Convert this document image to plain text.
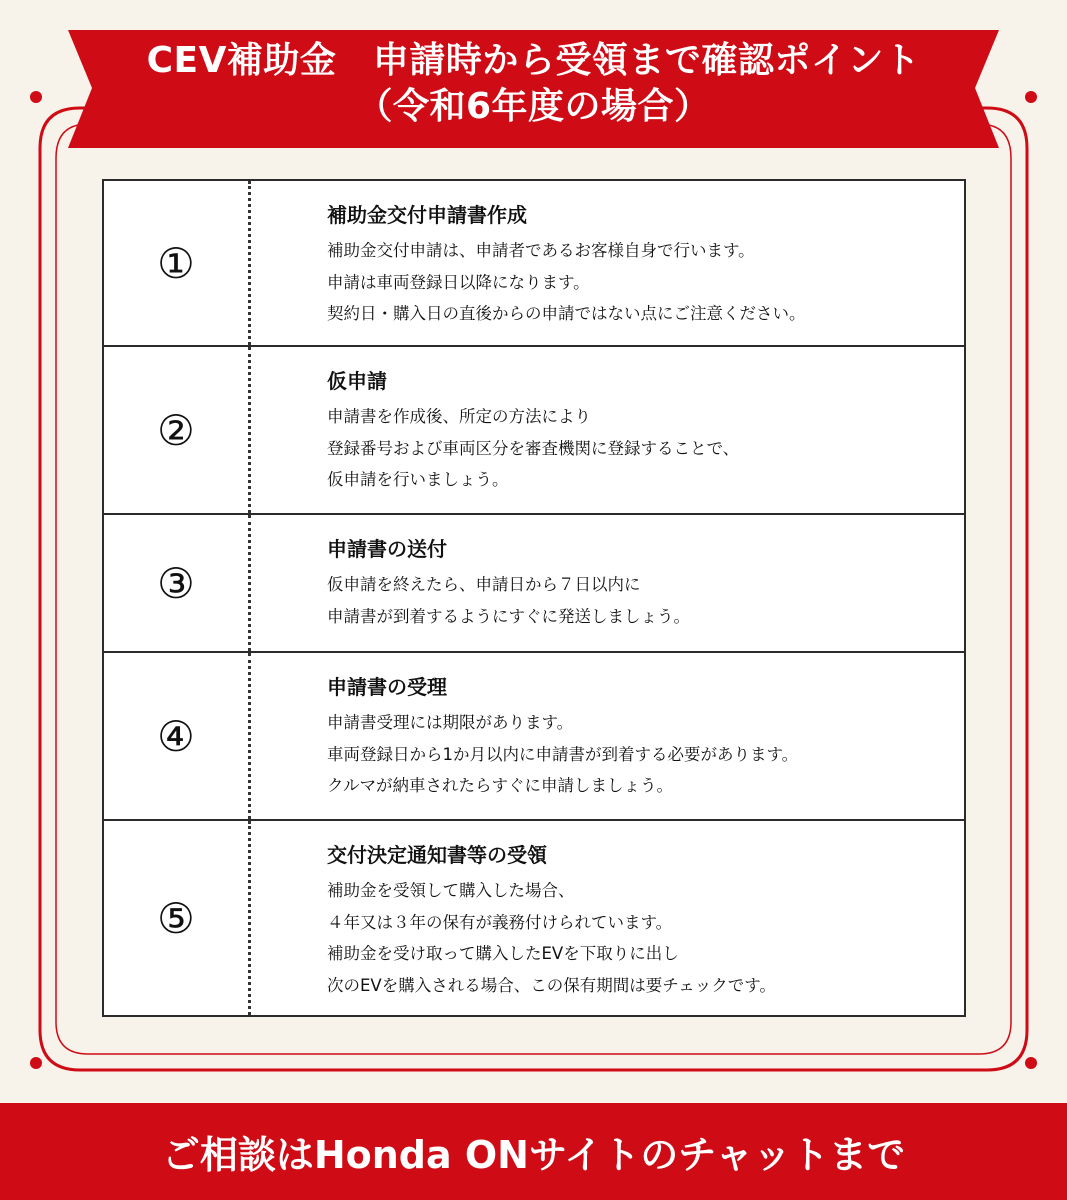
CEV補助金　申請時から受領まで確認ポイント
（令和6年度の場合）
①
補助金交付申請書作成
補助金交付申請は、申請者であるお客様自身で行います。
申請は車両登録日以降になります。
契約日・購入日の直後からの申請ではない点にご注意ください。
②
仮申請
申請書を作成後、所定の方法により
登録番号および車両区分を審査機関に登録することで、
仮申請を行いましょう。
③
申請書の送付
仮申請を終えたら、申請日から７日以内に
申請書が到着するようにすぐに発送しましょう。
④
申請書の受理
申請書受理には期限があります。
車両登録日から1か月以内に申請書が到着する必要があります。
クルマが納車されたらすぐに申請しましょう。
⑤
交付決定通知書等の受領
補助金を受領して購入した場合、
４年又は３年の保有が義務付けられています。
補助金を受け取って購入したEVを下取りに出し
次のEVを購入される場合、この保有期間は要チェックです。
ご相談はHonda ONサイトのチャットまで
